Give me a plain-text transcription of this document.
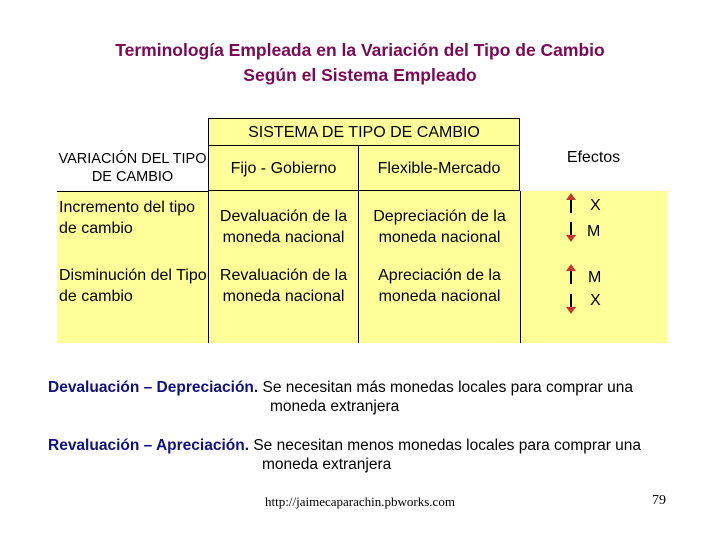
Terminología Empleada en la Variación del Tipo de Cambio
Según el Sistema Empleado
SISTEMA DE TIPO DE CAMBIO
VARIACIÓN DEL TIPO DE CAMBIO
Fijo - Gobierno	Flexible-Mercado
Efectos
Incremento del tipo de cambio
Devaluación de la moneda nacional
Depreciación de la moneda nacional
X
M
Disminución del Tipo de cambio
Revaluación de la moneda nacional
Apreciación de la moneda nacional
M
X
Devaluación – Depreciación. Se necesitan más monedas locales para comprar una
moneda extranjera
Revaluación – Apreciación. Se necesitan menos monedas locales para comprar una
moneda extranjera
http://jaimecaparachin.pbworks.com	79
